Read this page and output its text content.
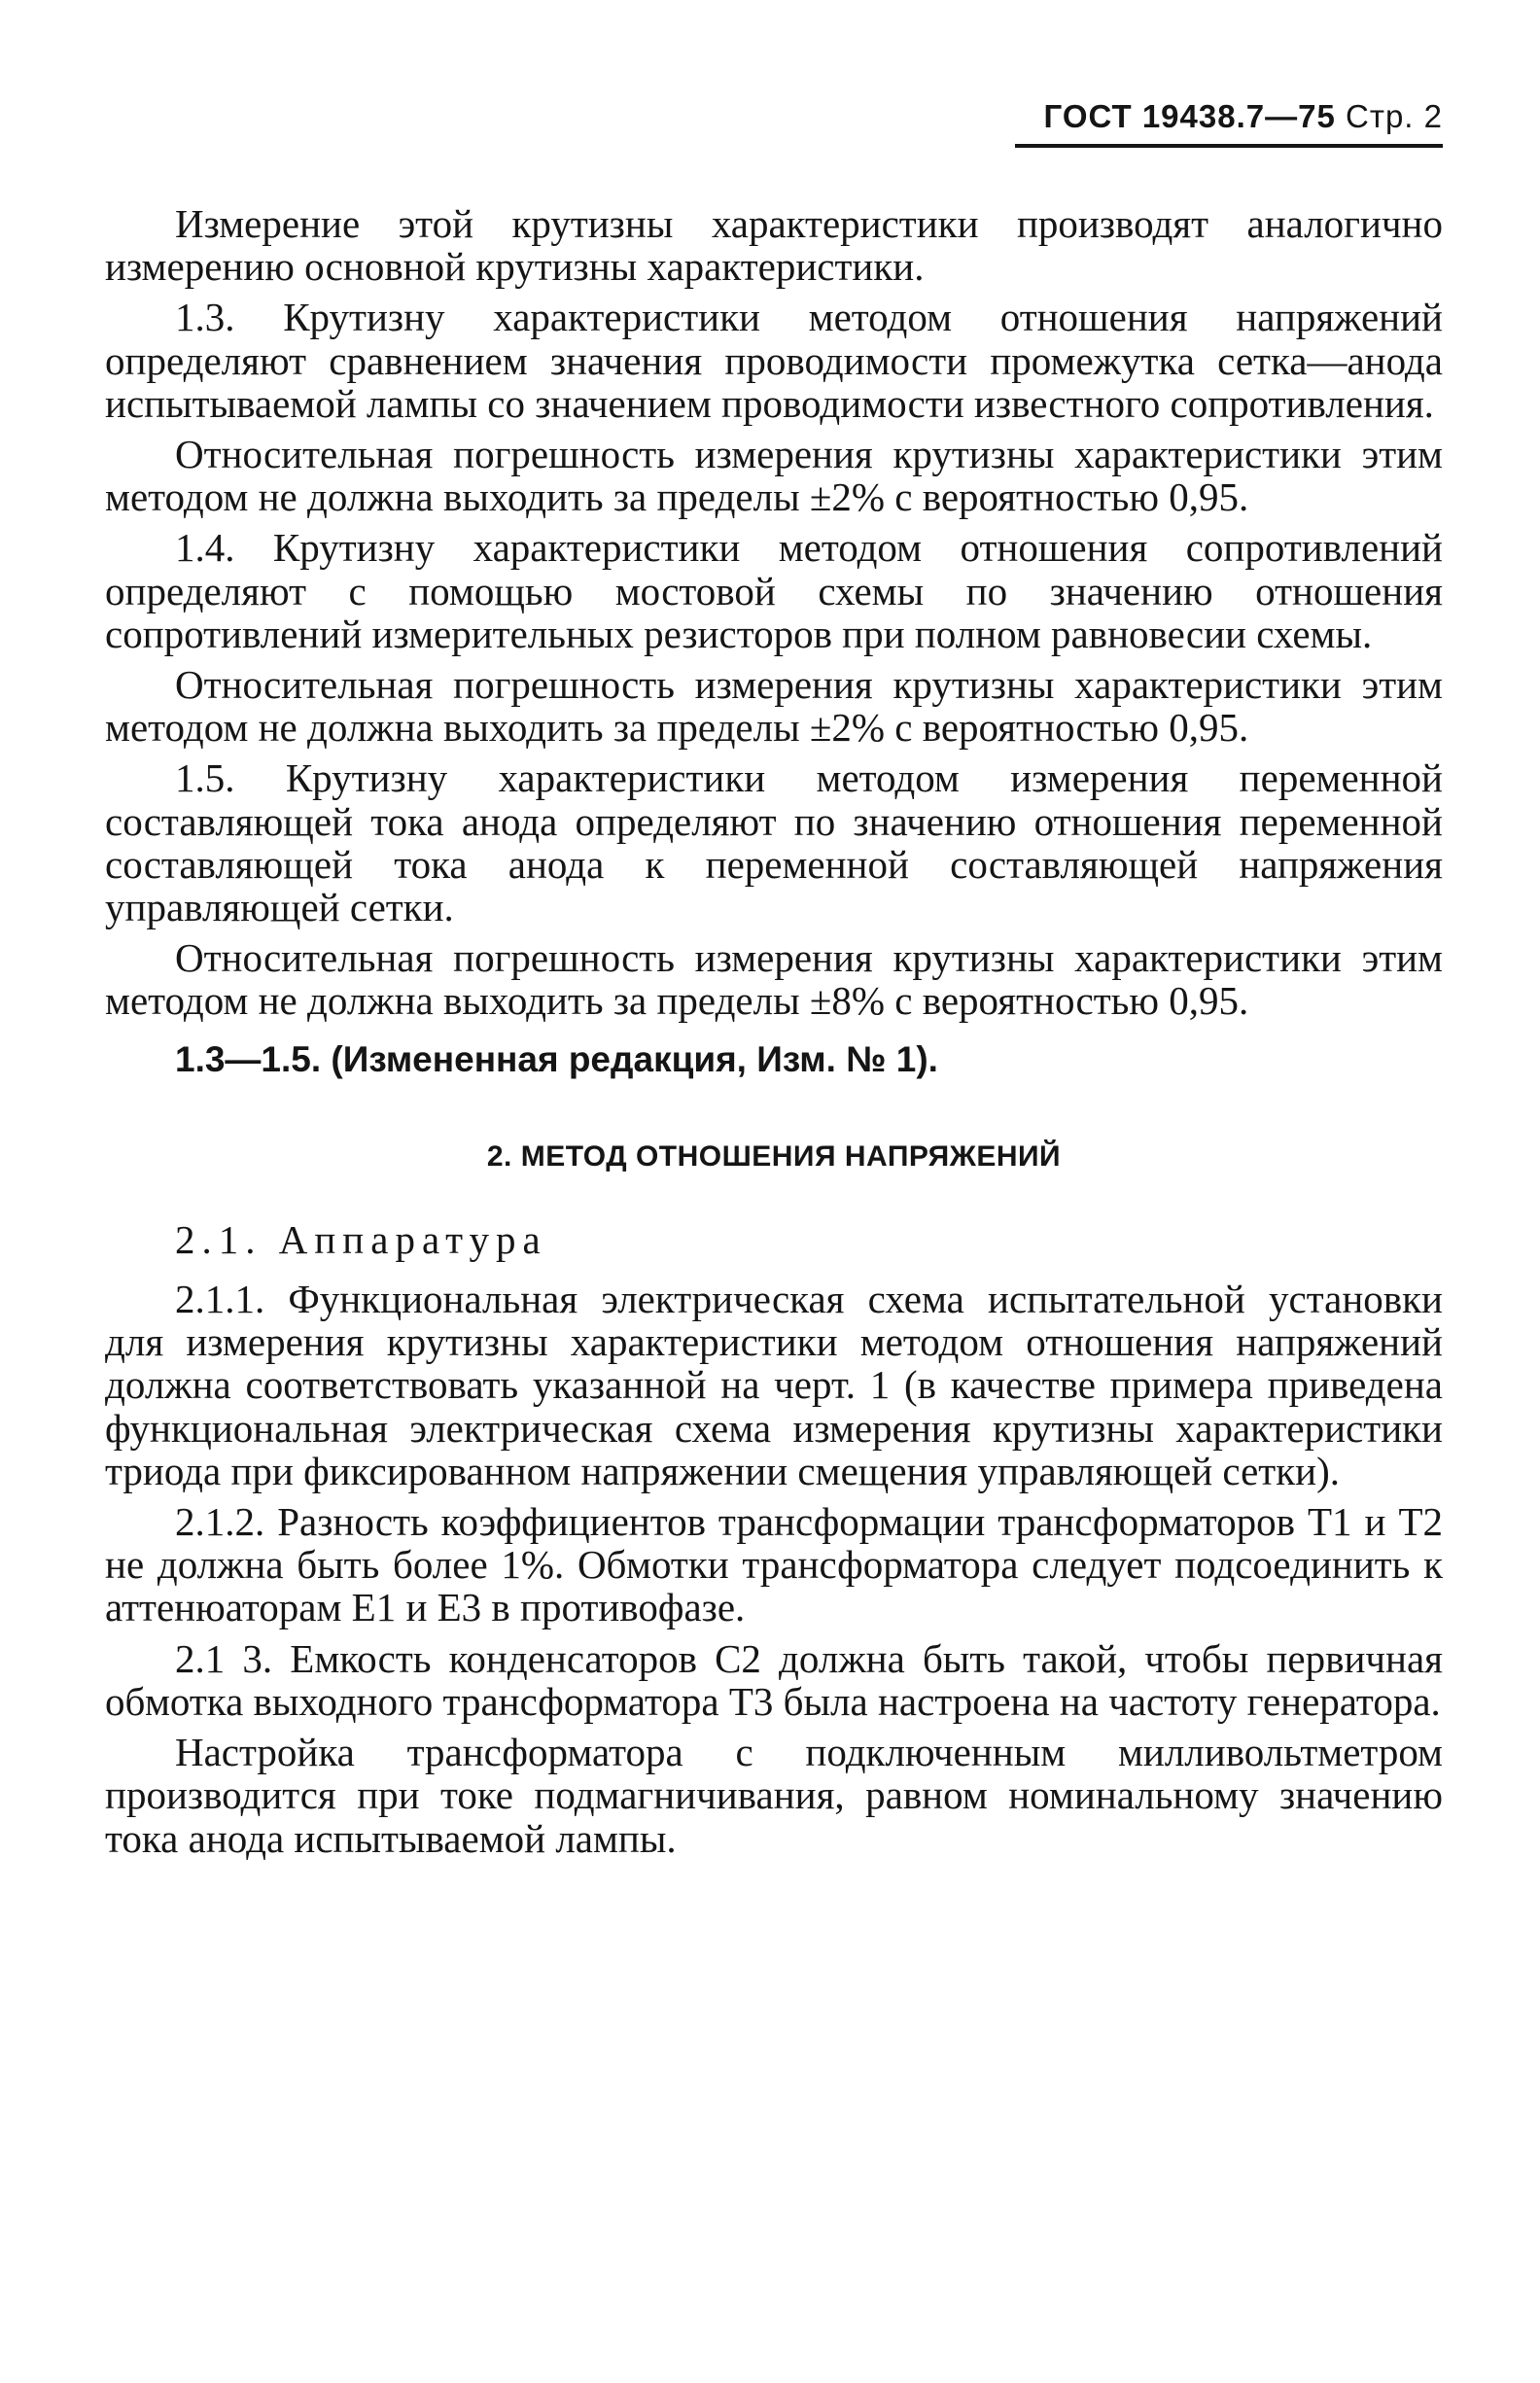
ГОСТ 19438.7—75 Стр. 2

Измерение этой крутизны характеристики производят аналогично измерению основной крутизны характеристики.

1.3. Крутизну характеристики методом отношения напряжений определяют сравнением значения проводимости промежутка сетка—анода испытываемой лампы со значением проводимости известного сопротивления.

Относительная погрешность измерения крутизны характеристики этим методом не должна выходить за пределы ±2% с вероятностью 0,95.

1.4. Крутизну характеристики методом отношения сопротивлений определяют с помощью мостовой схемы по значению отношения сопротивлений измерительных резисторов при полном равновесии схемы.

Относительная погрешность измерения крутизны характеристики этим методом не должна выходить за пределы ±2% с вероятностью 0,95.

1.5. Крутизну характеристики методом измерения переменной составляющей тока анода определяют по значению отношения переменной составляющей тока анода к переменной составляющей напряжения управляющей сетки.

Относительная погрешность измерения крутизны характеристики этим методом не должна выходить за пределы ±8% с вероятностью 0,95.

1.3—1.5. (Измененная редакция, Изм. № 1).

2. МЕТОД ОТНОШЕНИЯ НАПРЯЖЕНИЙ
2.1. Аппаратура

2.1.1. Функциональная электрическая схема испытательной установки для измерения крутизны характеристики методом отношения напряжений должна соответствовать указанной на черт. 1 (в качестве примера приведена функциональная электрическая схема измерения крутизны характеристики триода при фиксированном напряжении смещения управляющей сетки).

2.1.2. Разность коэффициентов трансформации трансформаторов Т1 и Т2 не должна быть более 1%. Обмотки трансформатора следует подсоединить к аттенюаторам Е1 и Е3 в противофазе.

2.1 3. Емкость конденсаторов С2 должна быть такой, чтобы первичная обмотка выходного трансформатора Т3 была настроена на частоту генератора.

Настройка трансформатора с подключенным милливольтметром производится при токе подмагничивания, равном номинальному значению тока анода испытываемой лампы.
